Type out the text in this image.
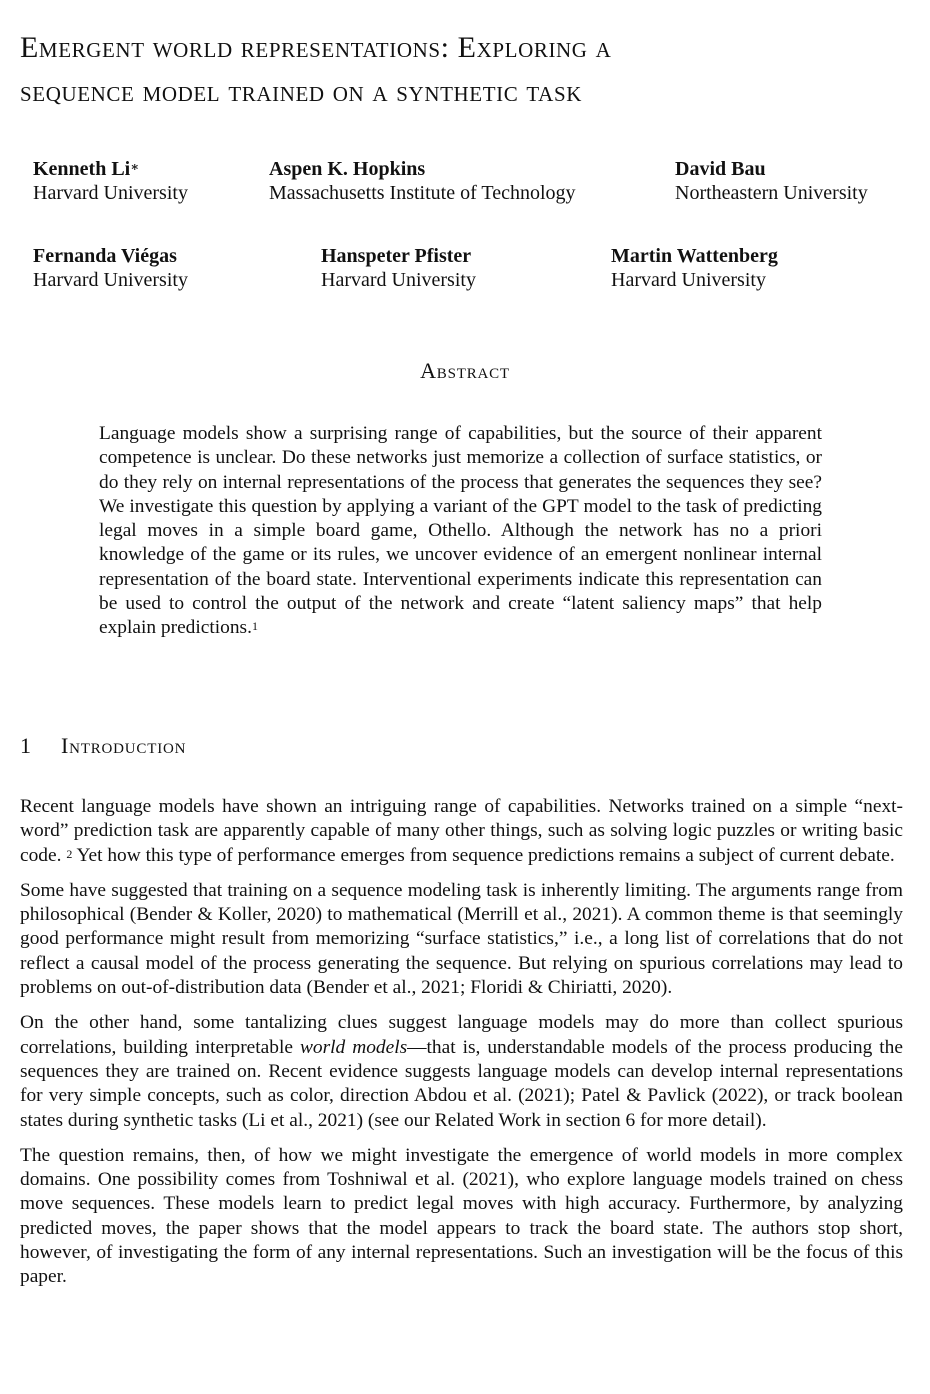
Emergent world representations: Exploring a
sequence model trained on a synthetic task
Kenneth Li∗
Harvard University
Aspen K. Hopkins
Massachusetts Institute of Technology
David Bau
Northeastern University
Fernanda Viégas
Harvard University
Hanspeter Pfister
Harvard University
Martin Wattenberg
Harvard University
Abstract
Language models show a surprising range of capabilities, but the source of their apparent competence is unclear. Do these networks just memorize a collection of surface statistics, or do they rely on internal representations of the process that generates the sequences they see? We investigate this question by applying a variant of the GPT model to the task of predicting legal moves in a simple board game, Othello. Although the network has no a priori knowledge of the game or its rules, we uncover evidence of an emergent nonlinear internal representation of the board state. Interventional experiments indicate this representation can be used to control the output of the network and create “latent saliency maps” that help explain predictions.$^1$
1 Introduction

Recent language models have shown an intriguing range of capabilities. Networks trained on a simple “next-word” prediction task are apparently capable of many other things, such as solving logic puzzles or writing basic code. $^2$ Yet how this type of performance emerges from sequence predictions remains a subject of current debate.

Some have suggested that training on a sequence modeling task is inherently limiting. The arguments range from philosophical (Bender & Koller, 2020) to mathematical (Merrill et al., 2021). A common theme is that seemingly good performance might result from memorizing “surface statistics,” i.e., a long list of correlations that do not reflect a causal model of the process generating the sequence. But relying on spurious correlations may lead to problems on out-of-distribution data (Bender et al., 2021; Floridi & Chiriatti, 2020).

On the other hand, some tantalizing clues suggest language models may do more than collect spurious correlations, building interpretable world models—that is, understandable models of the process producing the sequences they are trained on. Recent evidence suggests language models can develop internal representations for very simple concepts, such as color, direction Abdou et al. (2021); Patel & Pavlick (2022), or track boolean states during synthetic tasks (Li et al., 2021) (see our Related Work in section 6 for more detail).

The question remains, then, of how we might investigate the emergence of world models in more complex domains. One possibility comes from Toshniwal et al. (2021), who explore language models trained on chess move sequences. These models learn to predict legal moves with high accuracy. Furthermore, by analyzing predicted moves, the paper shows that the model appears to track the board state. The authors stop short, however, of investigating the form of any internal representations. Such an investigation will be the focus of this paper.
